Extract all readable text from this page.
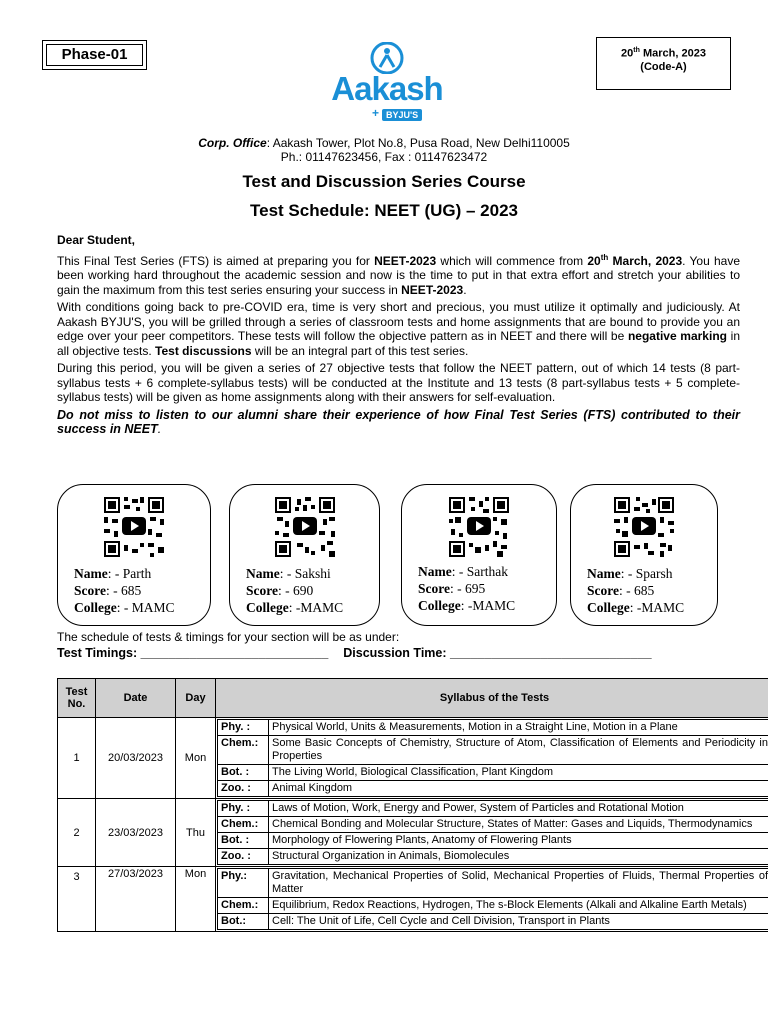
Phase-01
Aakash
+ BYJU'S
20th March, 2023
(Code-A)
Corp. Office: Aakash Tower, Plot No.8, Pusa Road, New Delhi110005
Ph.: 01147623456, Fax : 01147623472
Test and Discussion Series Course
Test Schedule: NEET (UG) – 2023

Dear Student,

This Final Test Series (FTS) is aimed at preparing you for NEET-2023 which will commence from 20th March, 2023. You have been working hard throughout the academic session and now is the time to put in that extra effort and stretch your abilities to gain the maximum from this test series ensuring your success in NEET-2023.

With conditions going back to pre-COVID era, time is very short and precious, you must utilize it optimally and judiciously. At Aakash BYJU'S, you will be grilled through a series of classroom tests and home assignments that are bound to provide you an edge over your peer competitors. These tests will follow the objective pattern as in NEET and there will be negative marking in all objective tests. Test discussions will be an integral part of this test series.

During this period, you will be given a series of 27 objective tests that follow the NEET pattern, out of which 14 tests (8 part-syllabus tests + 6 complete-syllabus tests) will be conducted at the Institute and 13 tests (8 part-syllabus tests + 5 complete-syllabus tests) will be given as home assignments along with their answers for self-evaluation.

Do not miss to listen to our alumni share their experience of how Final Test Series (FTS) contributed to their success in NEET.

Name: - Parth
Score: - 685
College: - MAMC
Name: - Sakshi
Score: - 690
College: -MAMC
Name: - Sarthak
Score: - 695
College: -MAMC
Name: - Sparsh
Score: - 685
College: -MAMC
The schedule of tests & timings for your section will be as under:
Test Timings: ___________________________ Discussion Time: _____________________________
Test No.	Date	Day	Syllabus of the Tests
1	20/03/2023	Mon	
Phy. :	Physical World, Units & Measurements, Motion in a Straight Line, Motion in a Plane
Chem.:	Some Basic Concepts of Chemistry, Structure of Atom, Classification of Elements and Periodicity in Properties
Bot. :	The Living World, Biological Classification, Plant Kingdom
Zoo. :	Animal Kingdom

2	23/03/2023	Thu	
Phy. :	Laws of Motion, Work, Energy and Power, System of Particles and Rotational Motion
Chem.:	Chemical Bonding and Molecular Structure, States of Matter: Gases and Liquids, Thermodynamics
Bot. :	Morphology of Flowering Plants, Anatomy of Flowering Plants
Zoo. :	Structural Organization in Animals, Biomolecules

3	27/03/2023	Mon	Phy.:	Gravitation, Mechanical Properties of Solid, Mechanical Properties of Fluids, Thermal Properties of Matter
Chem.:	Equilibrium, Redox Reactions, Hydrogen, The s-Block Elements (Alkali and Alkaline Earth Metals)
Bot.:	Cell: The Unit of Life, Cell Cycle and Cell Division, Transport in Plants
